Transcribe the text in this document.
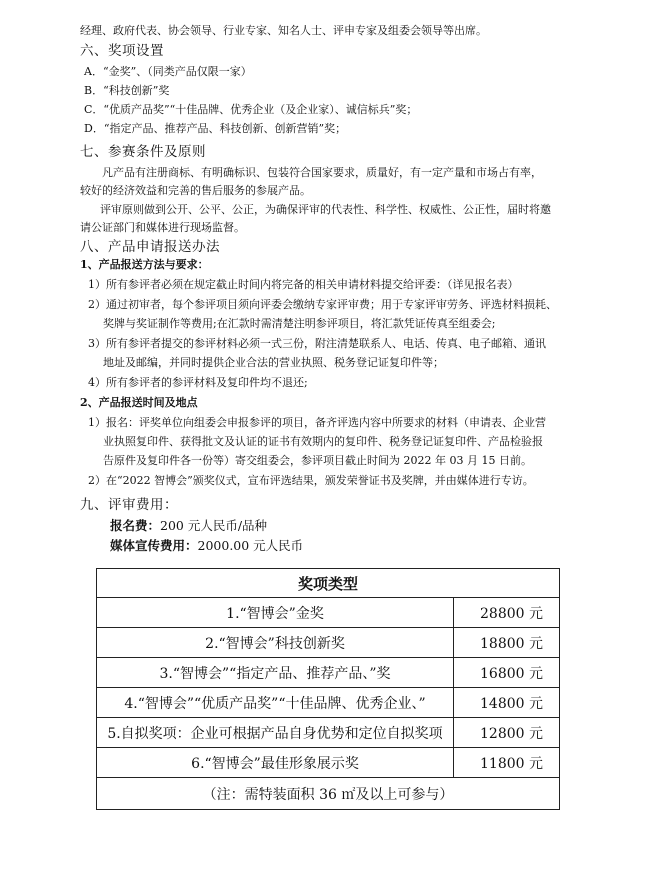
经理、政府代表、协会领导、行业专家、知名人士、评申专家及组委会领导等出席。
六、奖项设置
A．“金奖”、（同类产品仅限一家）
B．“科技创新”奖
C．“优质产品奖”“十佳品牌、优秀企业（及企业家）、诚信标兵”奖；
D．“指定产品、推荐产品、科技创新、创新营销”奖；
七、参赛条件及原则
凡产品有注册商标、有明确标识、包装符合国家要求，质量好，有一定产量和市场占有率，
较好的经济效益和完善的售后服务的参展产品。
评审原则做到公开、公平、公正，为确保评审的代表性、科学性、权威性、公正性，届时将邀
请公证部门和媒体进行现场监督。
八、产品申请报送办法
1、产品报送方法与要求：
1）所有参评者必须在规定截止时间内将完备的相关申请材料提交给评委：（详见报名表）
2）通过初审者，每个参评项目须向评委会缴纳专家评审费；用于专家评审劳务、评选材料损耗、
奖牌与奖证制作等费用;在汇款时需清楚注明参评项目，将汇款凭证传真至组委会;
3）所有参评者提交的参评材料必须一式三份，附注清楚联系人、电话、传真、电子邮箱、通讯
地址及邮编，并同时提供企业合法的营业执照、税务登记证复印件等；
4）所有参评者的参评材料及复印件均不退还;
2、产品报送时间及地点
1）报名：评奖单位向组委会申报参评的项目，备齐评选内容中所要求的材料（申请表、企业营
业执照复印件、获得批文及认证的证书有效期内的复印件、税务登记证复印件、产品检验报
告原件及复印件各一份等）寄交组委会，参评项目截止时间为 2022 年 03 月 15 日前。
2）在“2022 智博会”颁奖仪式，宣布评选结果，颁发荣誉证书及奖牌，并由媒体进行专访。
九、评审费用：
报名费：200 元人民币/品种
媒体宣传费用：2000.00 元人民币
奖项类型	
1.“智博会”金奖	28800 元
2.“智博会”科技创新奖	18800 元
3.“智博会”“指定产品、推荐产品、”奖	16800 元
4.“智博会”“优质产品奖”“十佳品牌、优秀企业、”	14800 元
5.自拟奖项：企业可根据产品自身优势和定位自拟奖项	12800 元
6.“智博会”最佳形象展示奖	11800 元
（注：需特装面积 36 ㎡及以上可参与）	
